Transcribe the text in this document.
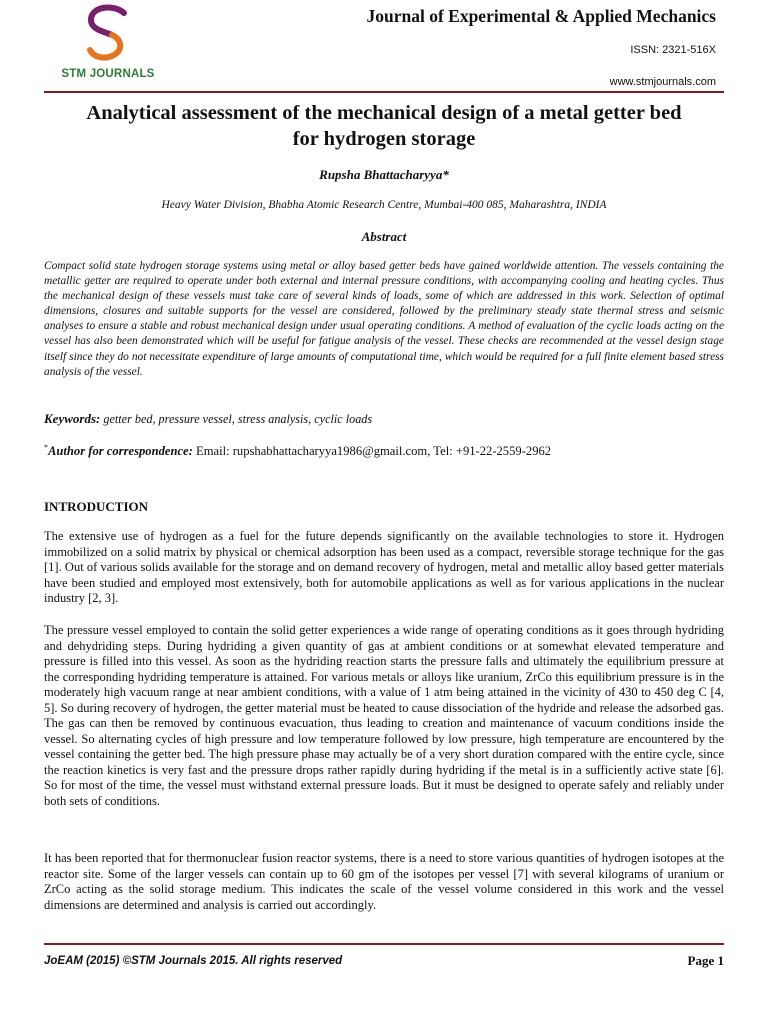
STM JOURNALS
Journal of Experimental & Applied Mechanics
ISSN: 2321-516X
www.stmjournals.com
Analytical assessment of the mechanical design of a metal getter bed
for hydrogen storage
Rupsha Bhattacharyya*
Heavy Water Division, Bhabha Atomic Research Centre, Mumbai-400 085, Maharashtra, INDIA
Abstract

Compact solid state hydrogen storage systems using metal or alloy based getter beds have gained worldwide attention. The vessels containing the metallic getter are required to operate under both external and internal pressure conditions, with accompanying cooling and heating cycles. Thus the mechanical design of these vessels must take care of several kinds of loads, some of which are addressed in this work. Selection of optimal dimensions, closures and suitable supports for the vessel are considered, followed by the preliminary steady state thermal stress and seismic analyses to ensure a stable and robust mechanical design under usual operating conditions. A method of evaluation of the cyclic loads acting on the vessel has also been demonstrated which will be useful for fatigue analysis of the vessel. These checks are recommended at the vessel design stage itself since they do not necessitate expenditure of large amounts of computational time, which would be required for a full finite element based stress analysis of the vessel.

Keywords: getter bed, pressure vessel, stress analysis, cyclic loads

*Author for correspondence: Email: rupshabhattacharyya1986@gmail.com, Tel: +91-22-2559-2962

INTRODUCTION

The extensive use of hydrogen as a fuel for the future depends significantly on the available technologies to store it. Hydrogen immobilized on a solid matrix by physical or chemical adsorption has been used as a compact, reversible storage technique for the gas [1]. Out of various solids available for the storage and on demand recovery of hydrogen, metal and metallic alloy based getter materials have been studied and employed most extensively, both for automobile applications as well as for various applications in the nuclear industry [2, 3].

The pressure vessel employed to contain the solid getter experiences a wide range of operating conditions as it goes through hydriding and dehydriding steps. During hydriding a given quantity of gas at ambient conditions or at somewhat elevated temperature and pressure is filled into this vessel. As soon as the hydriding reaction starts the pressure falls and ultimately the equilibrium pressure at the corresponding hydriding temperature is attained. For various metals or alloys like uranium, ZrCo this equilibrium pressure is in the moderately high vacuum range at near ambient conditions, with a value of 1 atm being attained in the vicinity of 430 to 450 deg C [4, 5]. So during recovery of hydrogen, the getter material must be heated to cause dissociation of the hydride and release the adsorbed gas. The gas can then be removed by continuous evacuation, thus leading to creation and maintenance of vacuum conditions inside the vessel. So alternating cycles of high pressure and low temperature followed by low pressure, high temperature are encountered by the vessel containing the getter bed. The high pressure phase may actually be of a very short duration compared with the entire cycle, since the reaction kinetics is very fast and the pressure drops rather rapidly during hydriding if the metal is in a sufficiently active state [6]. So for most of the time, the vessel must withstand external pressure loads. But it must be designed to operate safely and reliably under both sets of conditions.

It has been reported that for thermonuclear fusion reactor systems, there is a need to store various quantities of hydrogen isotopes at the reactor site. Some of the larger vessels can contain up to 60 gm of the isotopes per vessel [7] with several kilograms of uranium or ZrCo acting as the solid storage medium. This indicates the scale of the vessel volume considered in this work and the vessel dimensions are determined and analysis is carried out accordingly.

JoEAM (2015) ©STM Journals 2015. All rights reserved	Page 1
